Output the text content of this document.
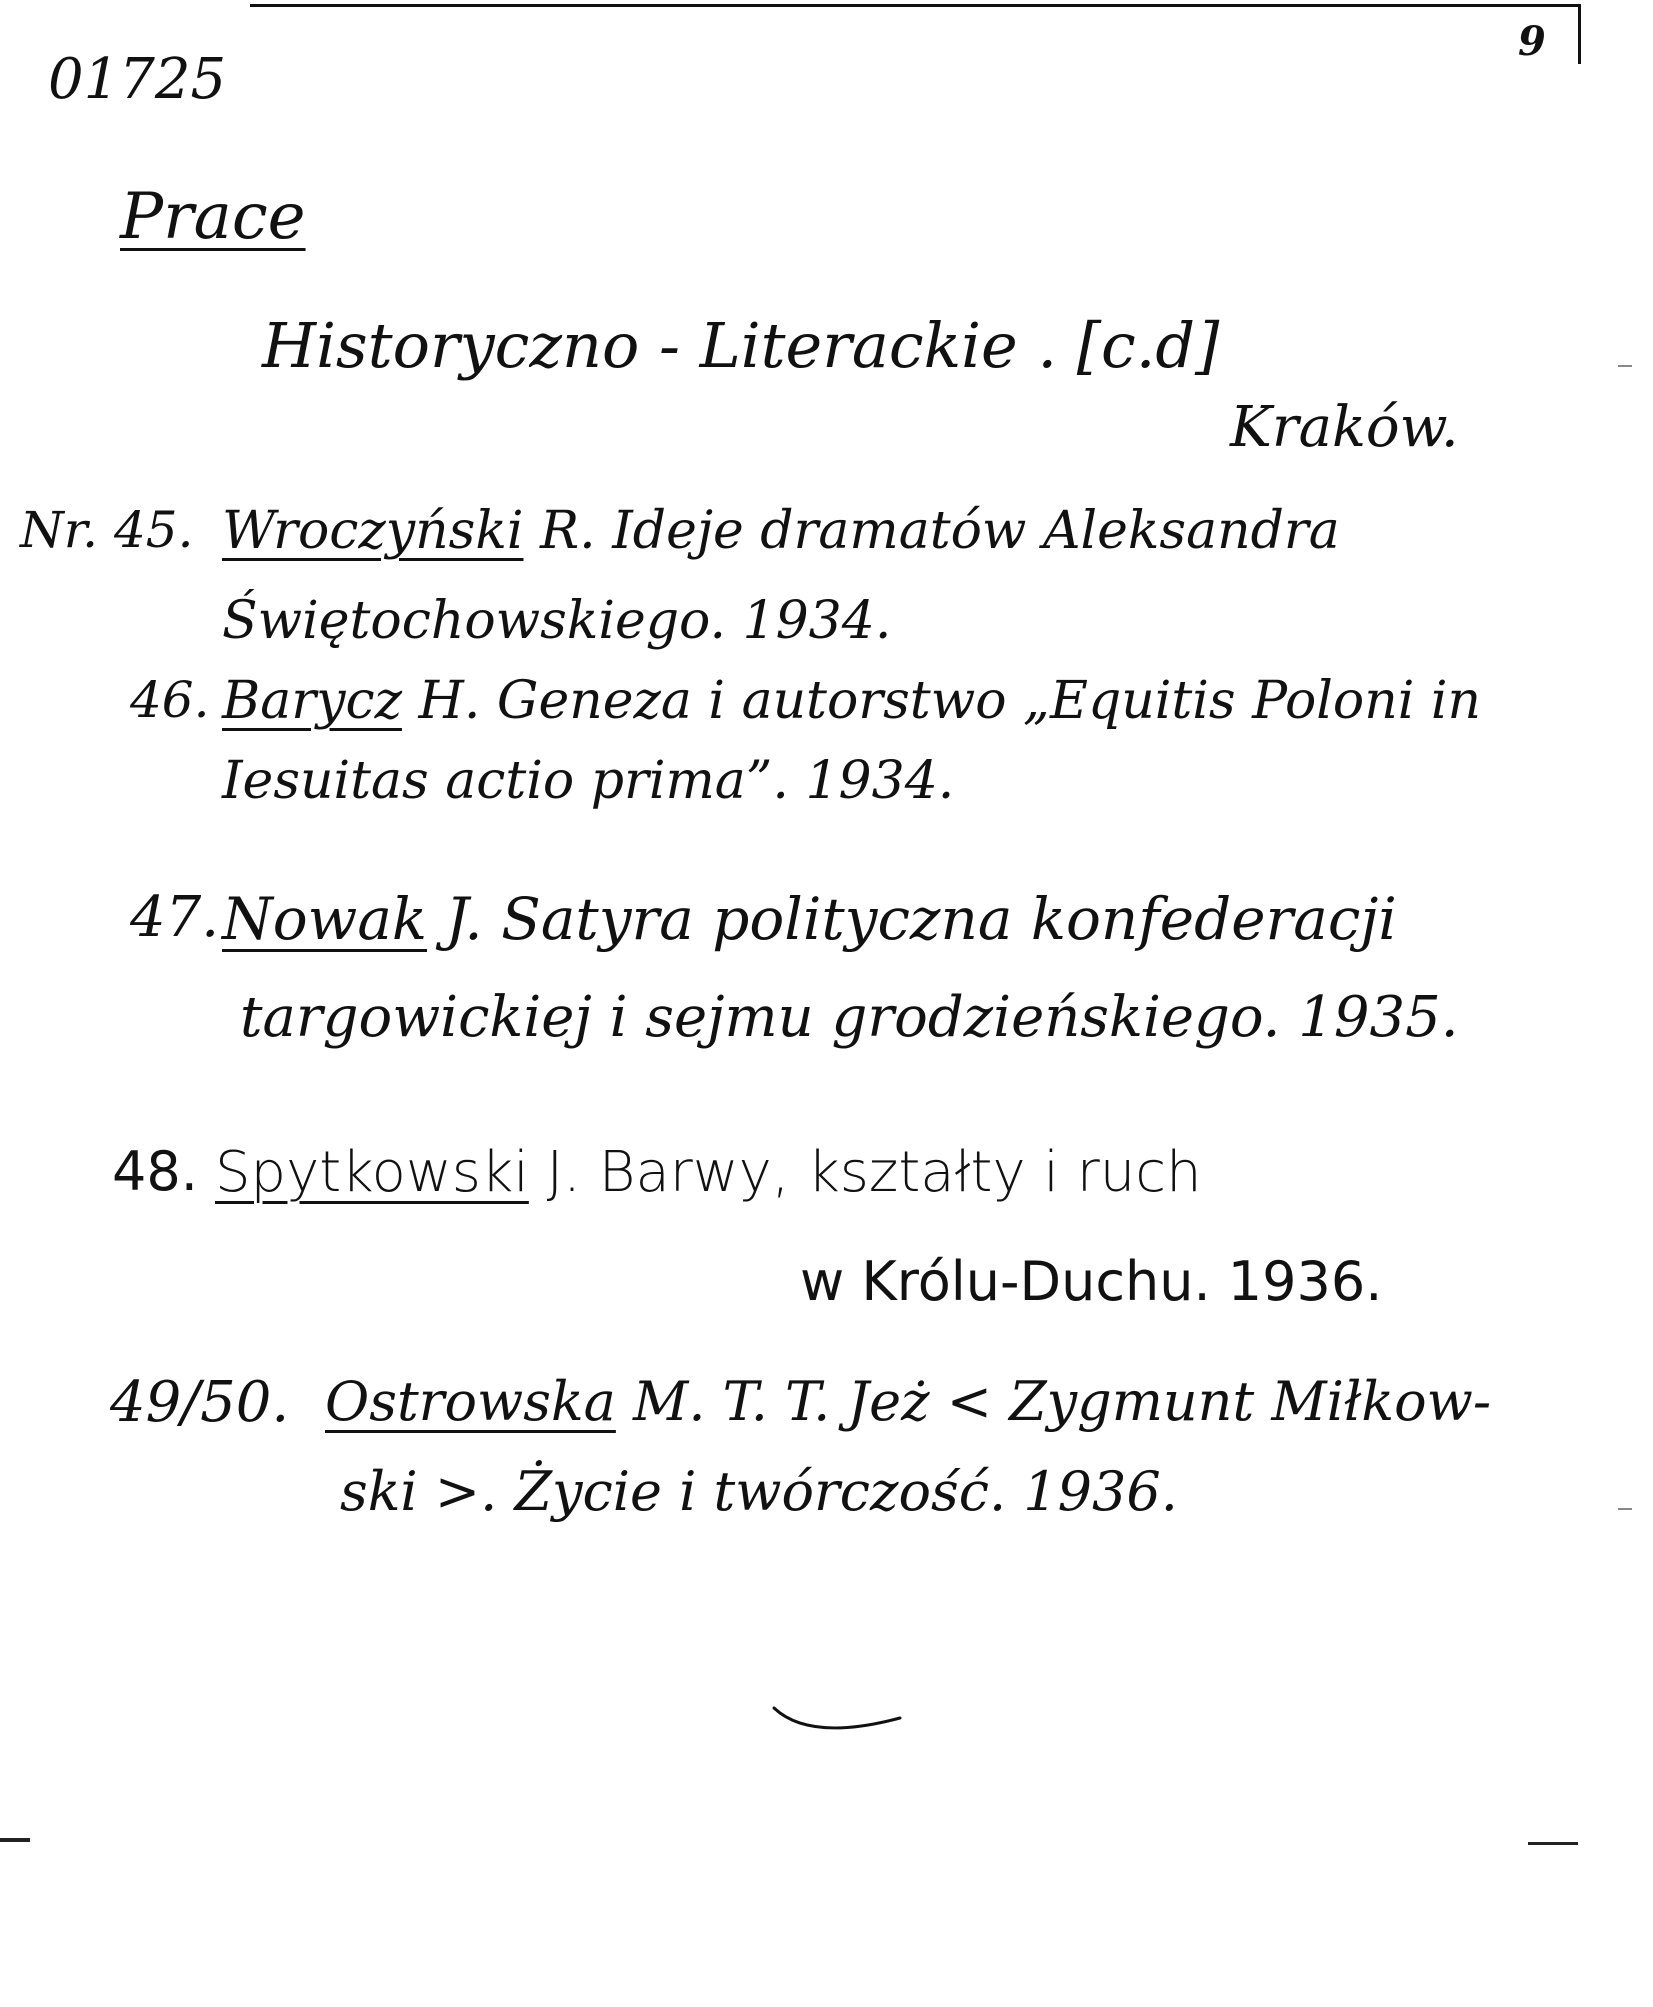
01725
9
Prace
Historyczno - Literackie . [c.d]
Kraków.
Nr. 45. Wroczyński R. Ideje dramatów Aleksandra
Świętochowskiego. 1934.
46. Barycz H. Geneza i autorstwo „Equitis Poloni in
Iesuitas actio prima”. 1934.
47. Nowak J. Satyra polityczna konfederacji
targowickiej i sejmu grodzieńskiego. 1935.
48. Spytkowski J. Barwy, kształty i ruch
w Królu-Duchu. 1936.
49/50. Ostrowska M. T. T. Jeż < Zygmunt Miłkow-
ski >. Życie i twórczość. 1936.
